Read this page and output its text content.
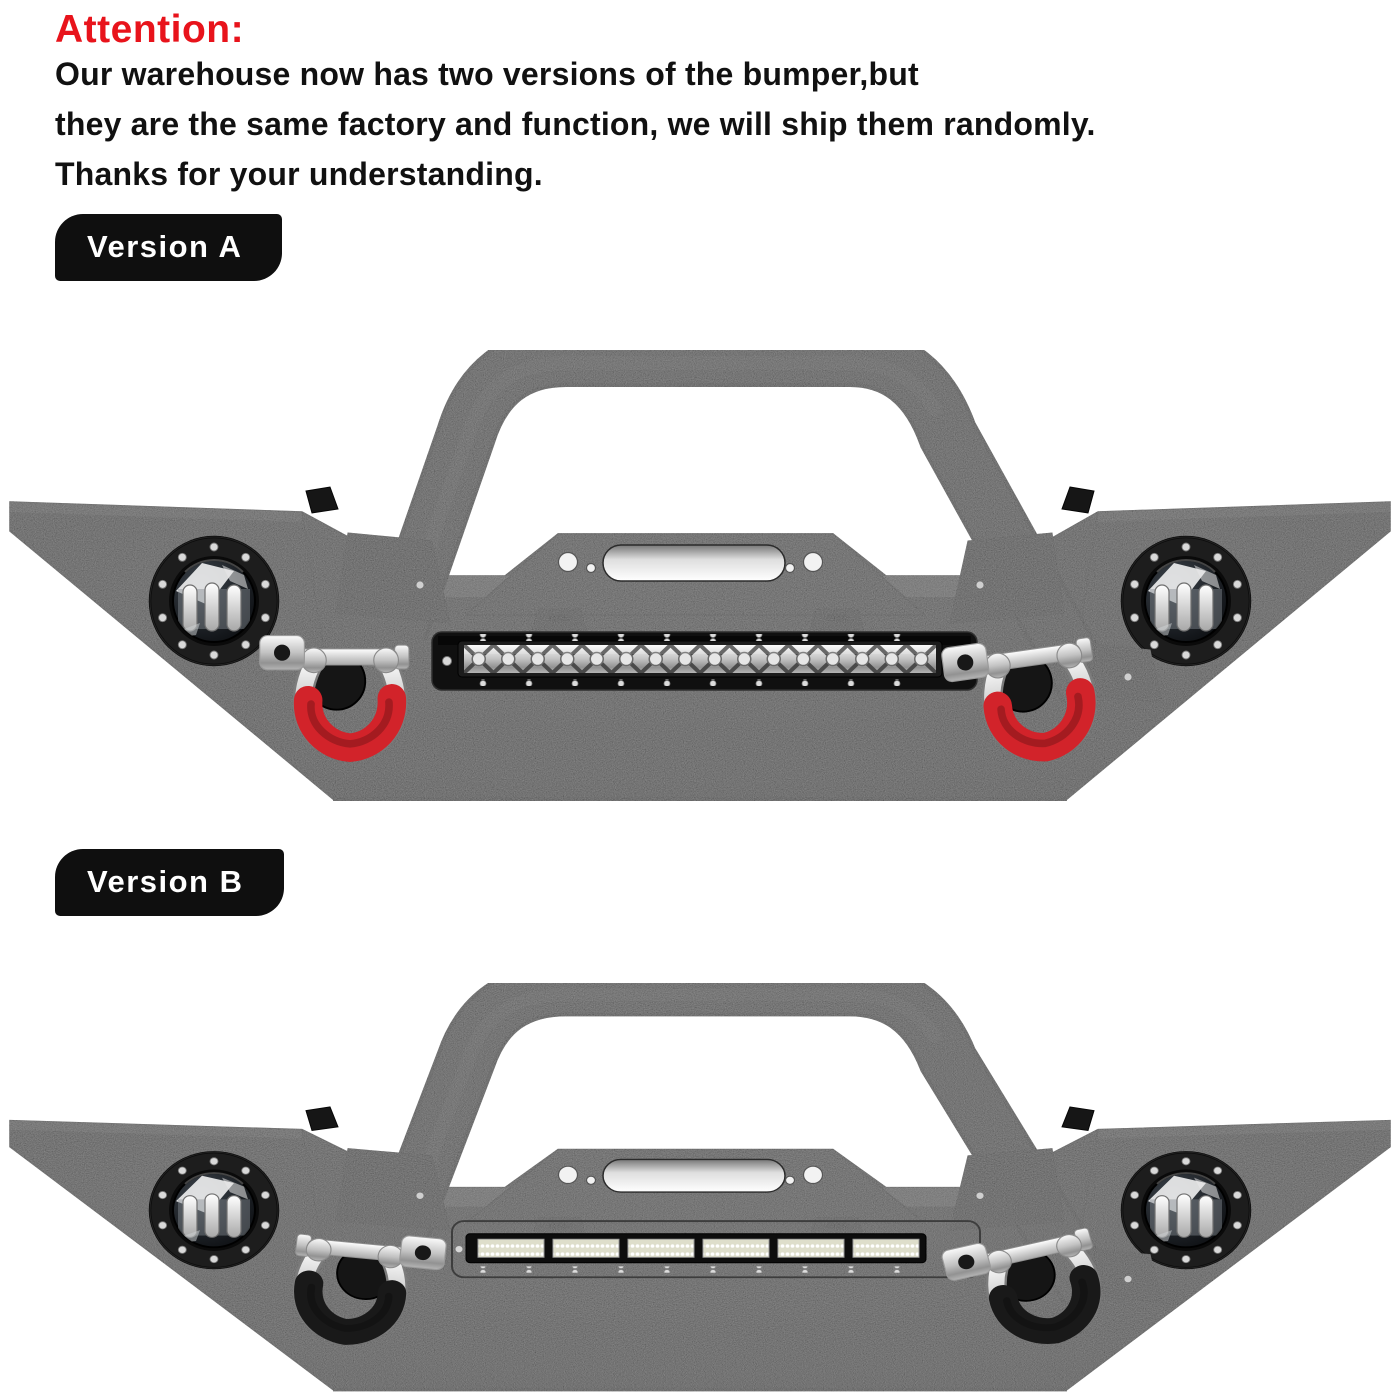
Attention:

Our warehouse now has two versions of the bumper,but

they are the same factory and function, we will ship them randomly.

Thanks for your understanding.

Version A
Version B
